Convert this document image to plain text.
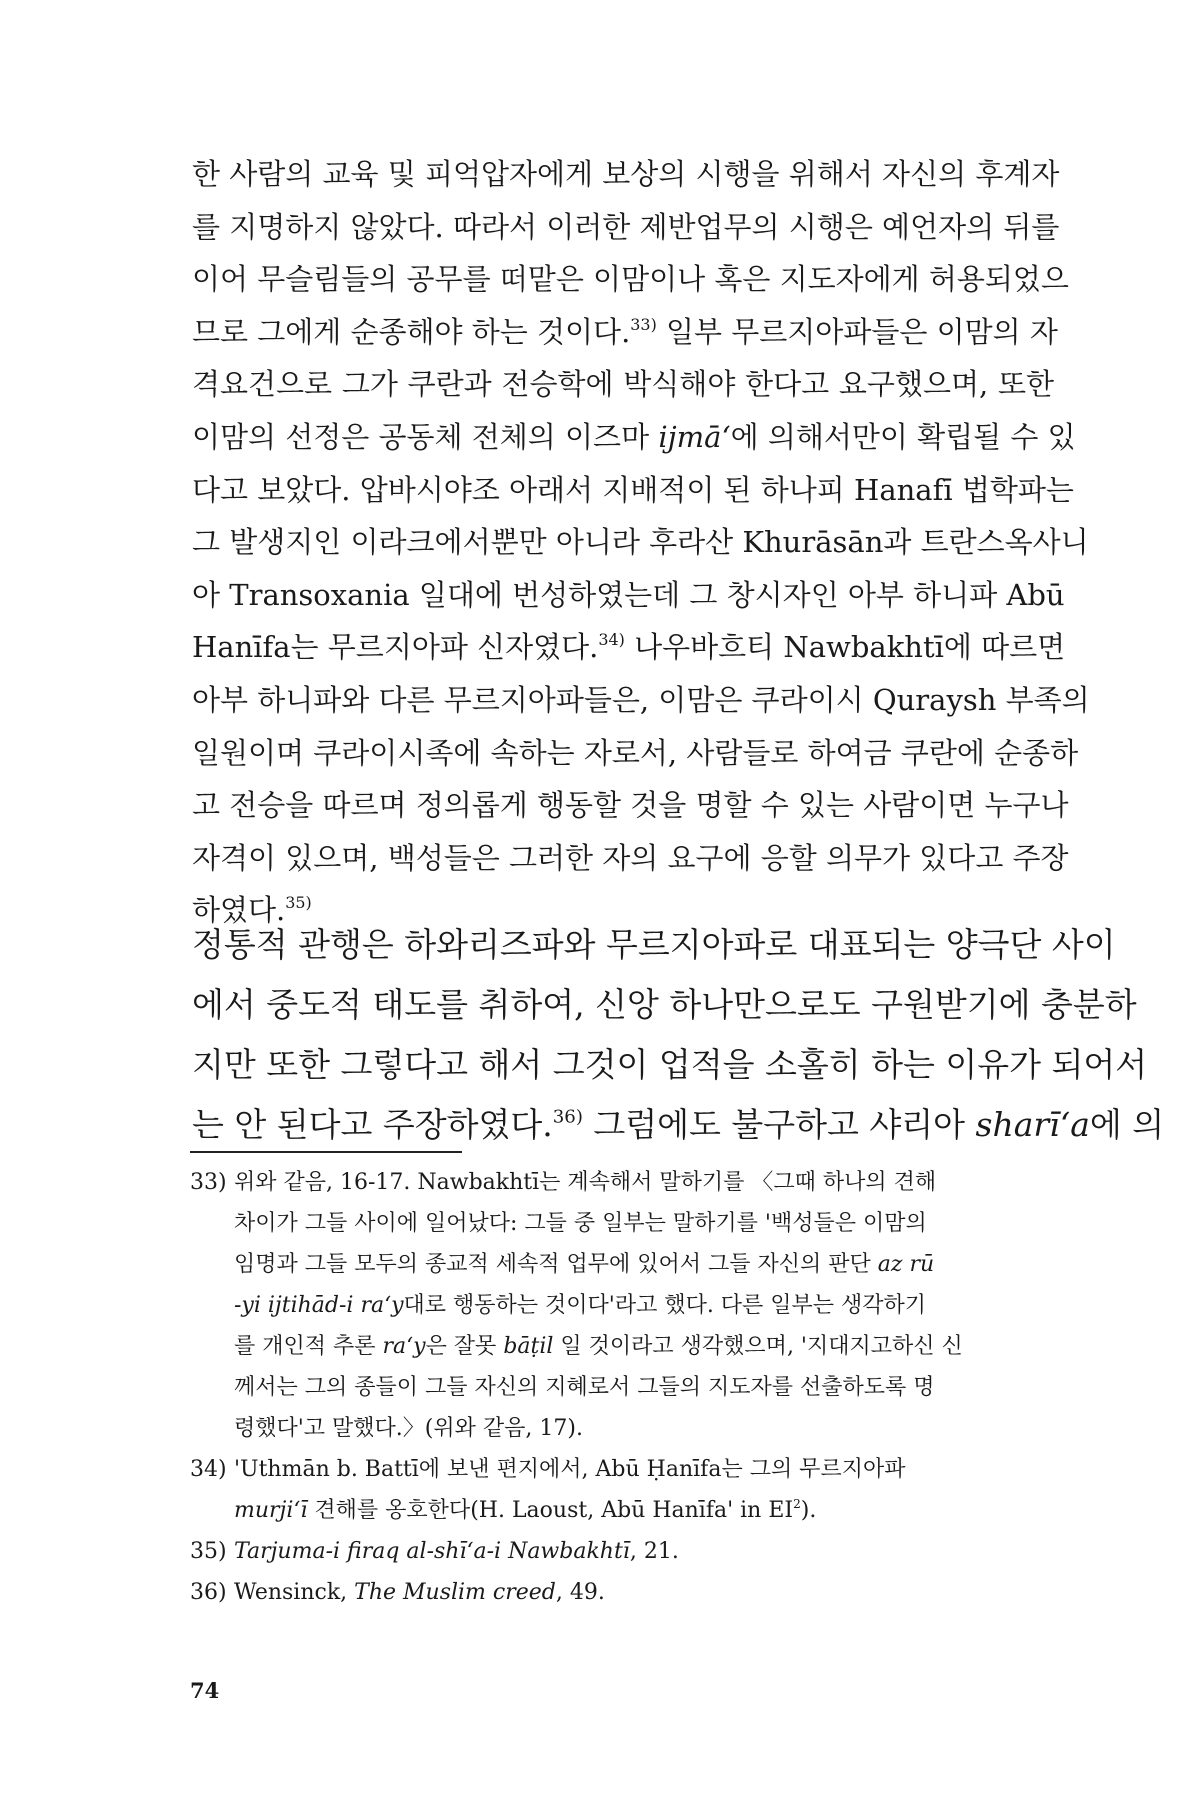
한 사람의 교육 및 피억압자에게 보상의 시행을 위해서 자신의 후계자
를 지명하지 않았다. 따라서 이러한 제반업무의 시행은 예언자의 뒤를
이어 무슬림들의 공무를 떠맡은 이맘이나 혹은 지도자에게 허용되었으
므로 그에게 순종해야 하는 것이다.$^{33)}$ 일부 무르지아파들은 이맘의 자
격요건으로 그가 쿠란과 전승학에 박식해야 한다고 요구했으며, 또한
이맘의 선정은 공동체 전체의 이즈마 ijmāʻ에 의해서만이 확립될 수 있
다고 보았다. 압바시야조 아래서 지배적이 된 하나피 Hanafī 법학파는
그 발생지인 이라크에서뿐만 아니라 후라산 Khurāsān과 트란스옥사니
아 Transoxania 일대에 번성하였는데 그 창시자인 아부 하니파 Abū
Hanīfa는 무르지아파 신자였다.$^{34)}$ 나우바흐티 Nawbakhtī에 따르면
아부 하니파와 다른 무르지아파들은, 이맘은 쿠라이시 Quraysh 부족의
일원이며 쿠라이시족에 속하는 자로서, 사람들로 하여금 쿠란에 순종하
고 전승을 따르며 정의롭게 행동할 것을 명할 수 있는 사람이면 누구나
자격이 있으며, 백성들은 그러한 자의 요구에 응할 의무가 있다고 주장
하였다.$^{35)}$
정통적 관행은 하와리즈파와 무르지아파로 대표되는 양극단 사이
에서 중도적 태도를 취하여, 신앙 하나만으로도 구원받기에 충분하
지만 또한 그렇다고 해서 그것이 업적을 소홀히 하는 이유가 되어서
는 안 된다고 주장하였다.$^{36)}$ 그럼에도 불구하고 샤리아 sharīʻa에 의
33) 위와 같음, 16-17. Nawbakhtī는 계속해서 말하기를 〈그때 하나의 견해
차이가 그들 사이에 일어났다: 그들 중 일부는 말하기를 '백성들은 이맘의
임명과 그들 모두의 종교적 세속적 업무에 있어서 그들 자신의 판단 az rū
-yi ijtihād-i raʻy대로 행동하는 것이다'라고 했다. 다른 일부는 생각하기
를 개인적 추론 raʻy은 잘못 bāṭil 일 것이라고 생각했으며, '지대지고하신 신
께서는 그의 종들이 그들 자신의 지혜로서 그들의 지도자를 선출하도록 명
령했다'고 말했다.〉(위와 같음, 17).
34) 'Uthmān b. Battī에 보낸 편지에서, Abū Ḥanīfa는 그의 무르지아파
murjiʻī 견해를 옹호한다(H. Laoust, Abū Hanīfa' in $EI^2$).
35) Tarjuma-i firaq al-shīʻa-i Nawbakhtī, 21.
36) Wensinck, The Muslim creed, 49.
74
